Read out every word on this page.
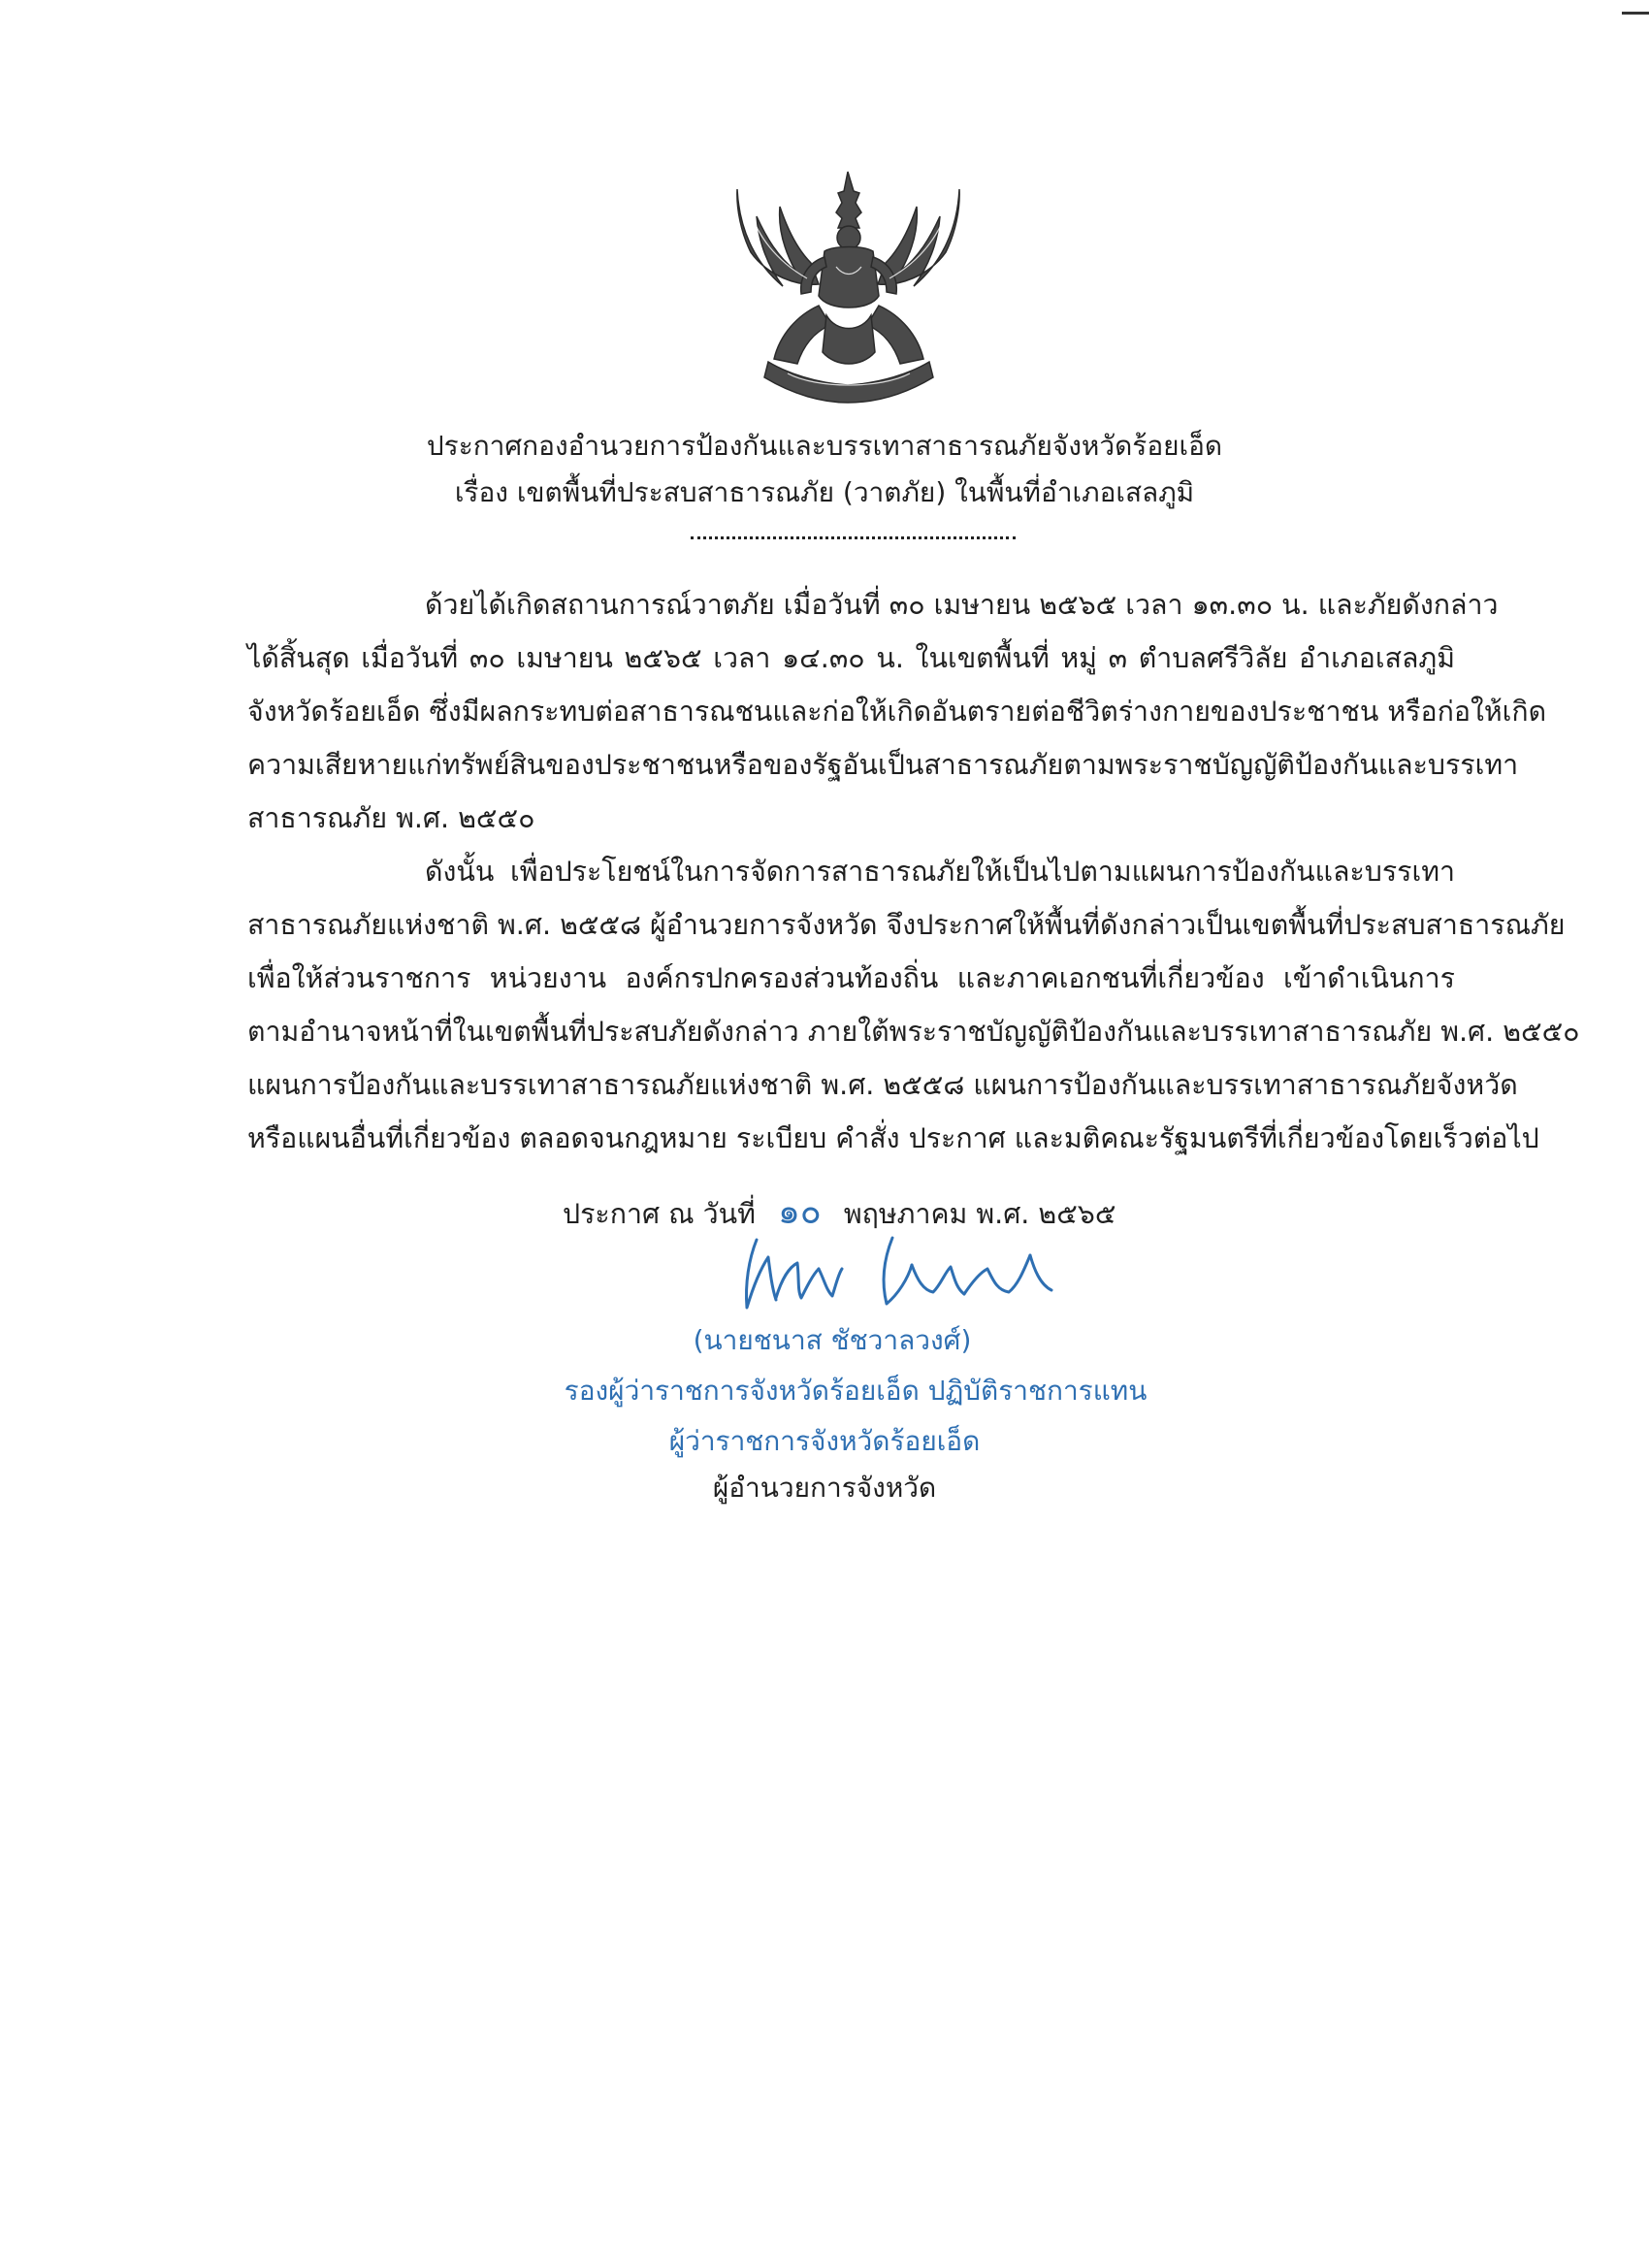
ประกาศกองอำนวยการป้องกันและบรรเทาสาธารณภัยจังหวัดร้อยเอ็ด
เรื่อง เขตพื้นที่ประสบสาธารณภัย (วาตภัย) ในพื้นที่อำเภอเสลภูมิ
ด้วยได้เกิดสถานการณ์วาตภัย เมื่อวันที่ ๓๐ เมษายน ๒๕๖๕ เวลา ๑๓.๓๐ น. และภัยดังกล่าว
ได้สิ้นสุด เมื่อวันที่ ๓๐ เมษายน ๒๕๖๕ เวลา ๑๔.๓๐ น. ในเขตพื้นที่ หมู่ ๓ ตำบลศรีวิลัย อำเภอเสลภูมิ
จังหวัดร้อยเอ็ด ซึ่งมีผลกระทบต่อสาธารณชนและก่อให้เกิดอันตรายต่อชีวิตร่างกายของประชาชน หรือก่อให้เกิด
ความเสียหายแก่ทรัพย์สินของประชาชนหรือของรัฐอันเป็นสาธารณภัยตามพระราชบัญญัติป้องกันและบรรเทา
สาธารณภัย พ.ศ. ๒๕๕๐
ดังนั้น เพื่อประโยชน์ในการจัดการสาธารณภัยให้เป็นไปตามแผนการป้องกันและบรรเทา
สาธารณภัยแห่งชาติ พ.ศ. ๒๕๕๘ ผู้อำนวยการจังหวัด จึงประกาศให้พื้นที่ดังกล่าวเป็นเขตพื้นที่ประสบสาธารณภัย
เพื่อให้ส่วนราชการ หน่วยงาน องค์กรปกครองส่วนท้องถิ่น และภาคเอกชนที่เกี่ยวข้อง เข้าดำเนินการ
ตามอำนาจหน้าที่ในเขตพื้นที่ประสบภัยดังกล่าว ภายใต้พระราชบัญญัติป้องกันและบรรเทาสาธารณภัย พ.ศ. ๒๕๕๐
แผนการป้องกันและบรรเทาสาธารณภัยแห่งชาติ พ.ศ. ๒๕๕๘ แผนการป้องกันและบรรเทาสาธารณภัยจังหวัด
หรือแผนอื่นที่เกี่ยวข้อง ตลอดจนกฎหมาย ระเบียบ คำสั่ง ประกาศ และมติคณะรัฐมนตรีที่เกี่ยวข้องโดยเร็วต่อไป
ประกาศ ณ วันที่ ๑๐ พฤษภาคม พ.ศ. ๒๕๖๕
(นายชนาส ชัชวาลวงศ์)
รองผู้ว่าราชการจังหวัดร้อยเอ็ด ปฏิบัติราชการแทน
ผู้ว่าราชการจังหวัดร้อยเอ็ด
ผู้อำนวยการจังหวัด
